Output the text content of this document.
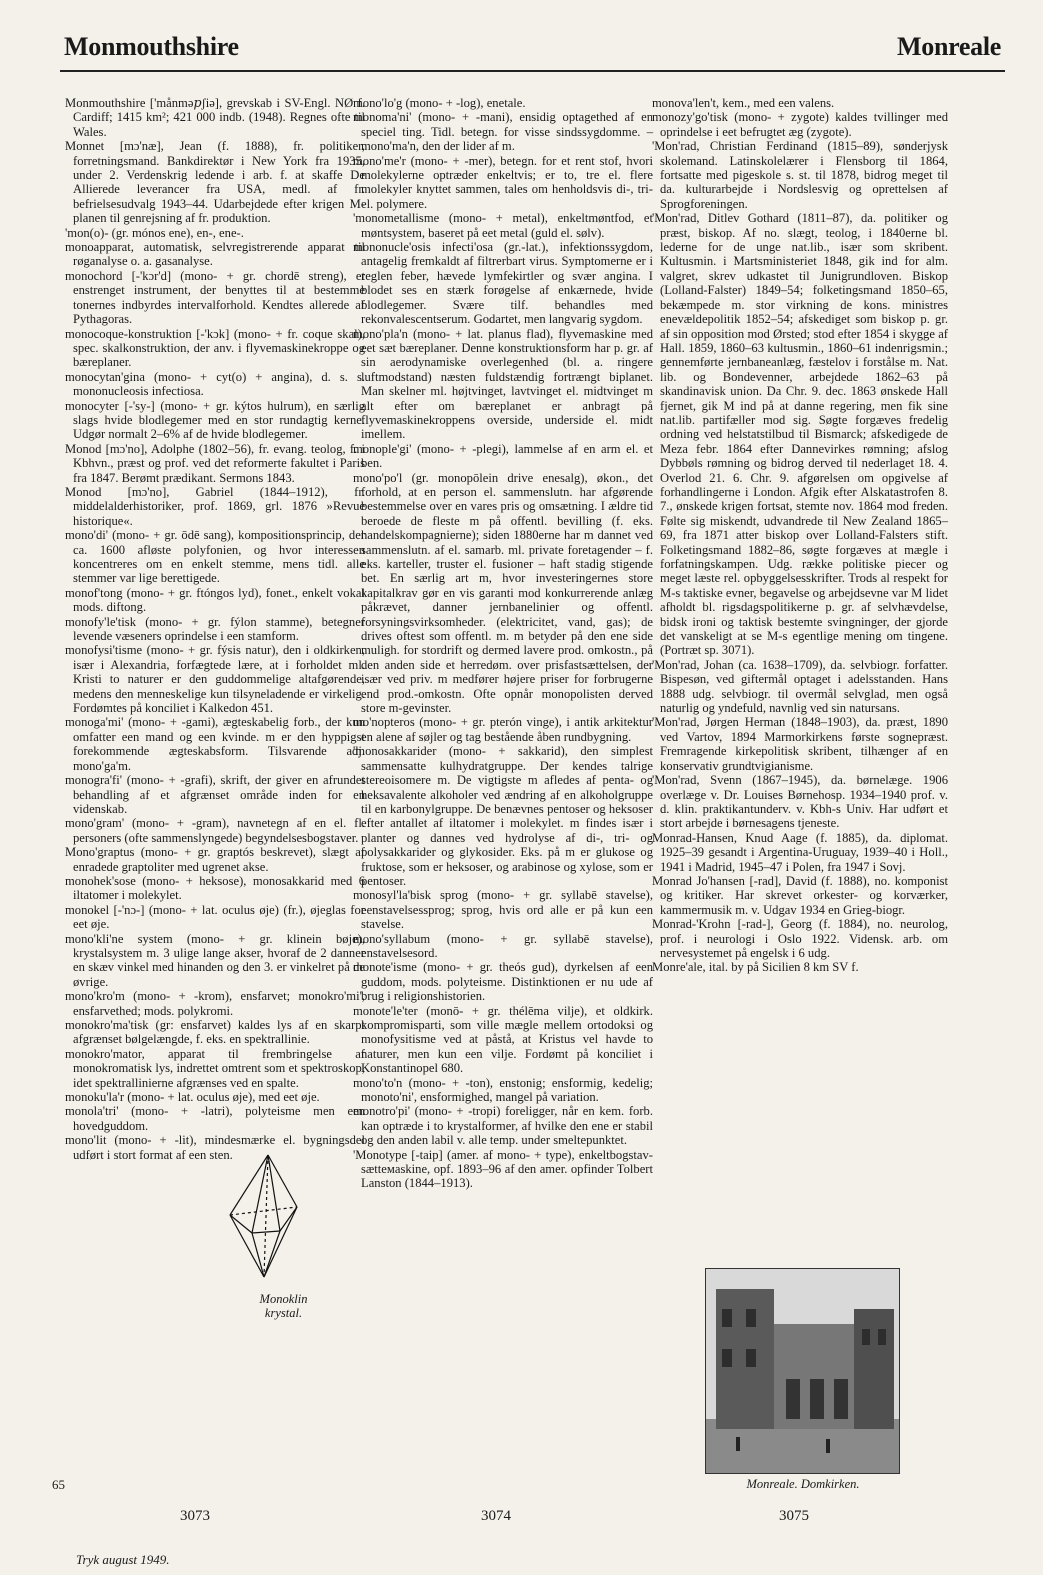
Monmouthshire	Monreale

Monmouthshire ['månmə𝑝ʃiə], grevskab i SV-Engl. NØ f. Cardiff; 1415 km²; 421 000 indb. (1948). Regnes ofte til Wales.

Monnet [mɔ'næ], Jean (f. 1888), fr. politiker, forretningsmand. Bankdirektør i New York fra 1935, under 2. Verdenskrig ledende i arb. f. at skaffe De Allierede leverancer fra USA, medl. af fr. befrielsesudvalg 1943–44. Udarbejdede efter krigen M-planen til genrejsning af fr. produktion.

'mon(o)- (gr. mónos ene), en-, ene-.

monoapparat, automatisk, selvregistrerende apparat til røganalyse o. a. gasanalyse.

monochord [-'kɔr'd] (mono- + gr. chordē streng), et enstrenget instrument, der benyttes til at bestemme tonernes indbyrdes intervalforhold. Kendtes allerede af Pythagoras.

monocoque-konstruktion [-'kɔk] (mono- + fr. coque skal), spec. skalkonstruktion, der anv. i flyvemaskinekroppe og bæreplaner.

monocytan'gina (mono- + cyt(o) + angina), d. s. s. mononucleosis infectiosa.

monocyter [-'sy-] (mono- + gr. kýtos hulrum), en særlig slags hvide blodlegemer med en stor rundagtig kerne. Udgør normalt 2–6% af de hvide blodlegemer.

Monod [mɔ'no], Adolphe (1802–56), fr. evang. teolog, f. i Kbhvn., præst og prof. ved det reformerte fakultet i Paris fra 1847. Berømt prædikant. Sermons 1843.

Monod [mɔ'no], Gabriel (1844–1912), fr. middelalderhistoriker, prof. 1869, grl. 1876 »Revue historique«.

mono'di' (mono- + gr. ōdē sang), kompositionsprincip, der ca. 1600 afløste polyfonien, og hvor interessen koncentreres om en enkelt stemme, mens tidl. alle stemmer var lige berettigede.

monof'tong (mono- + gr. ftóngos lyd), fonet., enkelt vokal mods. diftong.

monofy'le'tisk (mono- + gr. fýlon stamme), betegner levende væseners oprindelse i een stamform.

monofysi'tisme (mono- + gr. fýsis natur), den i oldkirken, især i Alexandria, forfægtede lære, at i forholdet ml. Kristi to naturer er den guddommelige altafgørende, medens den menneskelige kun tilsyneladende er virkelig. Fordømtes på konciliet i Kalkedon 451.

monoga'mi' (mono- + -gami), ægteskabelig forb., der kun omfatter een mand og een kvinde. m er den hyppigst forekommende ægteskabsform. Tilsvarende adj. mono'ga'm.

monogra'fi' (mono- + -grafi), skrift, der giver en afrundet behandling af et afgrænset område inden for en videnskab.

mono'gram' (mono- + -gram), navnetegn af en el. fl. personers (ofte sammenslyngede) begyndelsesbogstaver.

Mono'graptus (mono- + gr. graptós beskrevet), slægt af enradede graptoliter med ugrenet akse.

monohek'sose (mono- + heksose), monosakkarid med 6 iltatomer i molekylet.

monokel [-'nɔ-] (mono- + lat. oculus øje) (fr.), øjeglas for eet øje.

mono'kli'ne system (mono- + gr. klinein bøje), krystalsystem m. 3 ulige lange akser, hvoraf de 2 danner en skæv vinkel med hinanden og den 3. er vinkelret på de øvrige.

mono'kro'm (mono- + -krom), ensfarvet; monokro'mi', ensfarvethed; mods. polykromi.

monokro'ma'tisk (gr: ensfarvet) kaldes lys af en skarpt afgrænset bølgelængde, f. eks. en spektrallinie.

monokro'mator, apparat til frembringelse af monokromatisk lys, indrettet omtrent som et spektroskop, idet spektrallinierne afgrænses ved en spalte.

monoku'la'r (mono- + lat. oculus øje), med eet øje.

monola'tri' (mono- + -latri), polyteisme men een hovedguddom.

mono'lit (mono- + -lit), mindesmærke el. bygningsdel udført i stort format af een sten.

mono'lo'g (mono- + -log), enetale.

monoma'ni' (mono- + -mani), ensidig optagethed af en speciel ting. Tidl. betegn. for visse sindssygdomme. – mono'ma'n, den der lider af m.

mono'me'r (mono- + -mer), betegn. for et rent stof, hvori molekylerne optræder enkeltvis; er to, tre el. flere molekyler knyttet sammen, tales om henholdsvis di-, tri- el. polymere.

'monometallisme (mono- + metal), enkeltmøntfod, et møntsystem, baseret på eet metal (guld el. sølv).

mononucle'osis infecti'osa (gr.-lat.), infektionssygdom, antagelig fremkaldt af filtrerbart virus. Symptomerne er i reglen feber, hævede lymfekirtler og svær angina. I blodet ses en stærk forøgelse af enkærnede, hvide blodlegemer. Svære tilf. behandles med rekonvalescentserum. Godartet, men langvarig sygdom.

mono'pla'n (mono- + lat. planus flad), flyvemaskine med eet sæt bæreplaner. Denne konstruktionsform har p. gr. af sin aerodynamiske overlegenhed (bl. a. ringere luftmodstand) næsten fuldstændig fortrængt biplanet. Man skelner ml. højtvinget, lavtvinget el. midtvinget m alt efter om bæreplanet er anbragt på flyvemaskinekroppens overside, underside el. midt imellem.

monople'gi' (mono- + -plegi), lammelse af en arm el. et ben.

mono'po'l (gr. monopōlein drive enesalg), økon., det forhold, at en person el. sammenslutn. har afgørende bestemmelse over en vares pris og omsætning. I ældre tid beroede de fleste m på offentl. bevilling (f. eks. handelskompagnierne); siden 1880erne har m dannet ved sammenslutn. af el. samarb. ml. private foretagender – f. eks. karteller, truster el. fusioner – haft stadig stigende bet. En særlig art m, hvor investeringernes store kapitalkrav gør en vis garanti mod konkurrerende anlæg påkrævet, danner jernbanelinier og offentl. forsyningsvirksomheder. (elektricitet, vand, gas); de drives oftest som offentl. m. m betyder på den ene side muligh. for stordrift og dermed lavere prod. omkostn., på den anden side et herredøm. over prisfastsættelsen, der især ved priv. m medfører højere priser for forbrugerne end prod.-omkostn. Ofte opnår monopolisten derved store m-gevinster.

mo'nopteros (mono- + gr. pterón vinge), i antik arkitektur en alene af søjler og tag bestående åben rundbygning.

'monosakkarider (mono- + sakkarid), den simplest sammensatte kulhydratgruppe. Der kendes talrige stereoisomere m. De vigtigste m afledes af penta- og heksavalente alkoholer ved ændring af en alkoholgruppe til en karbonylgruppe. De benævnes pentoser og heksoser efter antallet af iltatomer i molekylet. m findes især i planter og dannes ved hydrolyse af di-, tri- og polysakkarider og glykosider. Eks. på m er glukose og fruktose, som er heksoser, og arabinose og xylose, som er pentoser.

monosyl'la'bisk sprog (mono- + gr. syllabē stavelse), eenstavelsessprog; sprog, hvis ord alle er på kun een stavelse.

mono'syllabum (mono- + gr. syllabē stavelse), enstavelsesord.

monote'isme (mono- + gr. theós gud), dyrkelsen af een guddom, mods. polyteisme. Distinktionen er nu ude af brug i religionshistorien.

monote'le'ter (monō- + gr. thélēma vilje), et oldkirk. kompromisparti, som ville mægle mellem ortodoksi og monofysitisme ved at påstå, at Kristus vel havde to naturer, men kun een vilje. Fordømt på konciliet i Konstantinopel 680.

mono'to'n (mono- + -ton), enstonig; ensformig, kedelig; monoto'ni', ensformighed, mangel på variation.

monotro'pi' (mono- + -tropi) foreligger, når en kem. forb. kan optræde i to krystalformer, af hvilke den ene er stabil og den anden labil v. alle temp. under smeltepunktet.

'Monotype [-taip] (amer. af mono- + type), enkeltbogstav-sætteмaskine, opf. 1893–96 af den amer. opfinder Tolbert Lanston (1844–1913).

monova'len't, kem., med een valens.

monozy'go'tisk (mono- + zygote) kaldes tvillinger med oprindelse i eet befrugtet æg (zygote).

'Mon'rad, Christian Ferdinand (1815–89), sønderjysk skolemand. Latinskolelærer i Flensborg til 1864, fortsatte med pigeskole s. st. til 1878, bidrog meget til da. kulturarbejde i Nordslesvig og oprettelsen af Sprogforeningen.

'Mon'rad, Ditlev Gothard (1811–87), da. politiker og præst, biskop. Af no. slægt, teolog, i 1840erne bl. lederne for de unge nat.lib., især som skribent. Kultusmin. i Martsministeriet 1848, gik ind for alm. valgret, skrev udkastet til Junigrundloven. Biskop (Lolland-Falster) 1849–54; folketingsmand 1850–65, bekæmpede m. stor virkning de kons. ministres enevældepolitik 1852–54; afskediget som biskop p. gr. af sin opposition mod Ørsted; stod efter 1854 i skygge af Hall. 1859, 1860–63 kultusmin., 1860–61 indenrigsmin.; gennemførte jernbaneanlæg, fæstelov i forstålse m. Nat. lib. og Bondevenner, arbejdede 1862–63 på skandinavisk union. Da Chr. 9. dec. 1863 ønskede Hall fjernet, gik M ind på at danne regering, men fik sine nat.lib. partifæller mod sig. Søgte forgæves fredelig ordning ved helstatstilbud til Bismarck; afskedigede de Meza febr. 1864 efter Dannevirkes rømning; afslog Dybbøls rømning og bidrog derved til nederlaget 18. 4. Overlod 21. 6. Chr. 9. afgørelsen om opgivelse af forhandlingerne i London. Afgik efter Alskatastrofen 8. 7., ønskede krigen fortsat, stemte nov. 1864 mod freden. Følte sig miskendt, udvandrede til New Zealand 1865–69, fra 1871 atter biskop over Lolland-Falsters stift. Folketingsmand 1882–86, søgte forgæves at mægle i forfatningskampen. Udg. række politiske piecer og meget læste rel. opbyggelsesskrifter. Trods al respekt for M-s taktiske evner, begavelse og arbejdsevne var M lidet afholdt bl. rigsdagspolitikerne p. gr. af selvhævdelse, bidsk ironi og taktisk bestemte svingninger, der gjorde det vanskeligt at se M-s egentlige mening om tingene. (Portræt sp. 3071).

'Mon'rad, Johan (ca. 1638–1709), da. selvbiogr. forfatter. Bispesøn, ved giftermål optaget i adelsstanden. Hans 1888 udg. selvbiogr. til overmål selvglad, men også naturlig og yndefuld, navnlig ved sin natursans.

'Mon'rad, Jørgen Herman (1848–1903), da. præst, 1890 ved Vartov, 1894 Marmorkirkens første sognepræst. Fremragende kirkepolitisk skribent, tilhænger af en konservativ grundtvigianisme.

'Mon'rad, Svenn (1867–1945), da. børnelæge. 1906 overlæge v. Dr. Louises Børnehosp. 1934–1940 prof. v. d. klin. praktikantunderv. v. Kbh-s Univ. Har udført et stort arbejde i børnesagens tjeneste.

Monrad-Hansen, Knud Aage (f. 1885), da. diplomat. 1925–39 gesandt i Argentina-Uruguay, 1939–40 i Holl., 1941 i Madrid, 1945–47 i Polen, fra 1947 i Sovj.

Monrad Jo'hansen [-rad], David (f. 1888), no. komponist og kritiker. Har skrevet orkester- og korværker, kammermusik m. v. Udgav 1934 en Grieg-biogr.

Monrad-'Krohn [-rad-], Georg (f. 1884), no. neurolog, prof. i neurologi i Oslo 1922. Vidensk. arb. om nervesystemet på engelsk i 6 udg.

Monre'ale, ital. by på Sicilien 8 km SV f.

Monoklin krystal.
Monreale. Domkirken.
65
3073	3074	3075
Tryk august 1949.
